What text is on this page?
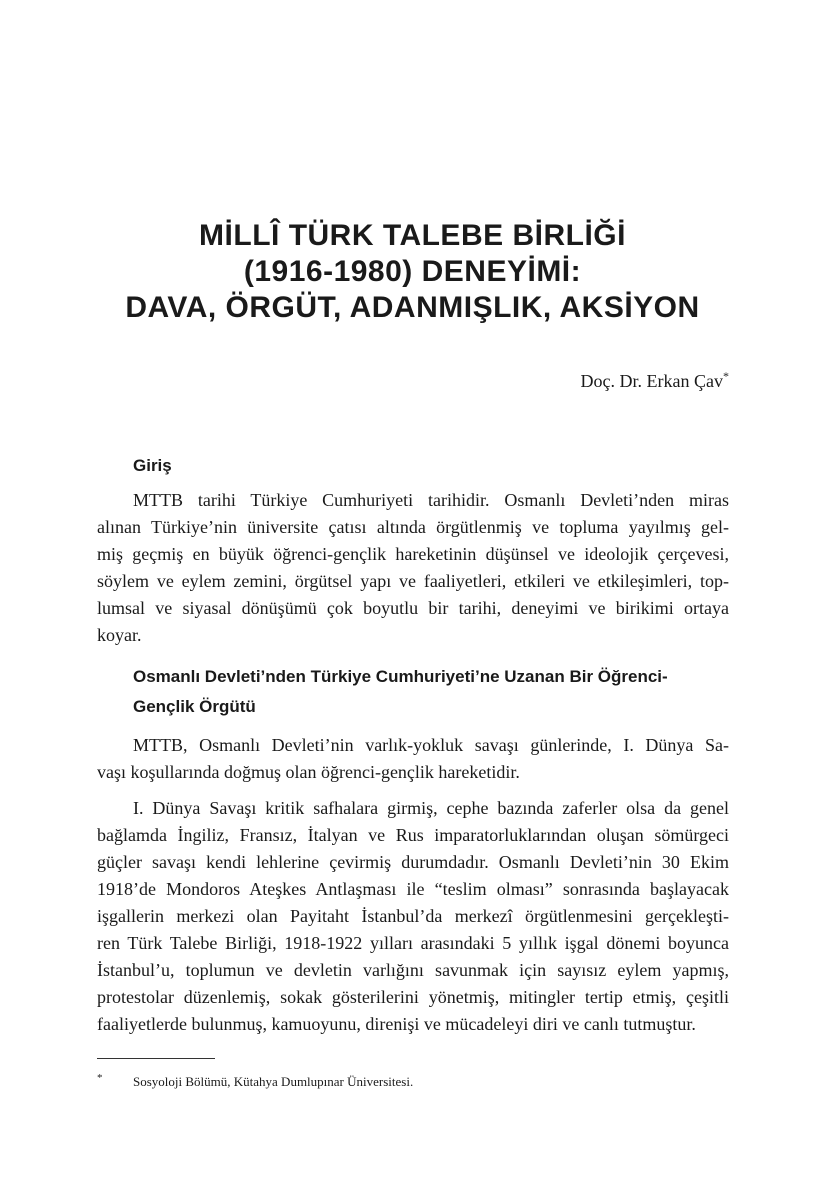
MİLLÎ TÜRK TALEBE BİRLİĞİ
(1916-1980) DENEYİMİ:
DAVA, ÖRGÜT, ADANMIŞLIK, AKSİYON
Doç. Dr. Erkan Çav*
Giriş
MTTB tarihi Türkiye Cumhuriyeti tarihidir. Osmanlı Devleti’nden miras
alınan Türkiye’nin üniversite çatısı altında örgütlenmiş ve topluma yayılmış gel-
miş geçmiş en büyük öğrenci-gençlik hareketinin düşünsel ve ideolojik çerçevesi,
söylem ve eylem zemini, örgütsel yapı ve faaliyetleri, etkileri ve etkileşimleri, top-
lumsal ve siyasal dönüşümü çok boyutlu bir tarihi, deneyimi ve birikimi ortaya
koyar.
Osmanlı Devleti’nden Türkiye Cumhuriyeti’ne Uzanan Bir Öğrenci-
Gençlik Örgütü
MTTB, Osmanlı Devleti’nin varlık-yokluk savaşı günlerinde, I. Dünya Sa-
vaşı koşullarında doğmuş olan öğrenci-gençlik hareketidir.
I. Dünya Savaşı kritik safhalara girmiş, cephe bazında zaferler olsa da genel
bağlamda İngiliz, Fransız, İtalyan ve Rus imparatorluklarından oluşan sömürgeci
güçler savaşı kendi lehlerine çevirmiş durumdadır. Osmanlı Devleti’nin 30 Ekim
1918’de Mondoros Ateşkes Antlaşması ile “teslim olması” sonrasında başlayacak
işgallerin merkezi olan Payitaht İstanbul’da merkezî örgütlenmesini gerçekleşti-
ren Türk Talebe Birliği, 1918-1922 yılları arasındaki 5 yıllık işgal dönemi boyunca
İstanbul’u, toplumun ve devletin varlığını savunmak için sayısız eylem yapmış,
protestolar düzenlemiş, sokak gösterilerini yönetmiş, mitingler tertip etmiş, çeşitli
faaliyetlerde bulunmuş, kamuoyunu, direnişi ve mücadeleyi diri ve canlı tutmuştur.
* Sosyoloji Bölümü, Kütahya Dumlupınar Üniversitesi.
